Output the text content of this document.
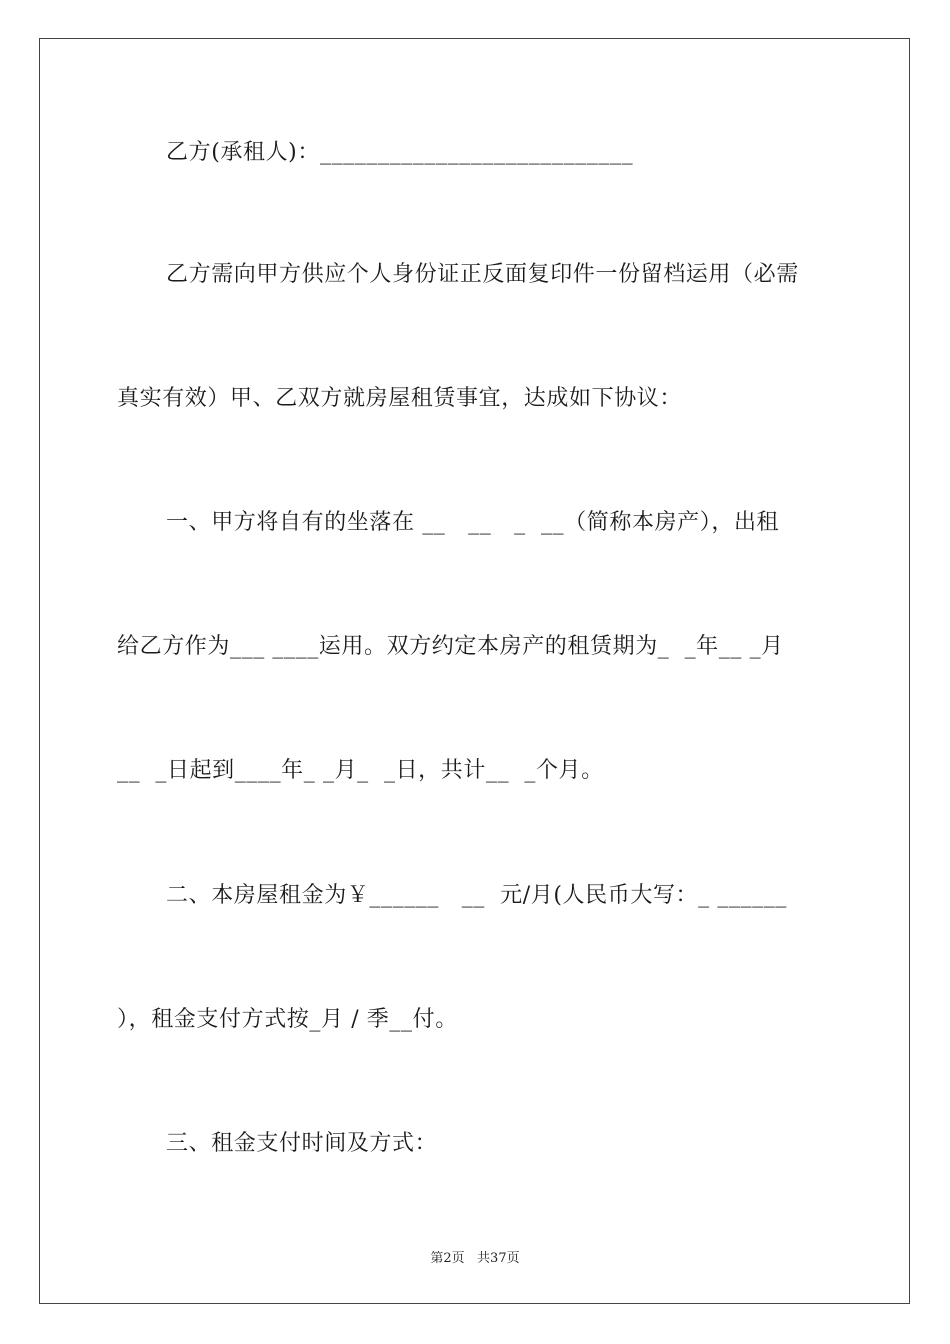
乙方(承租人)：___________________________
乙方需向甲方供应个人身份证正反面复印件一份留档运用（必需
真实有效）甲、乙双方就房屋租赁事宜，达成如下协议：
一、甲方将自有的坐落在 __   __   _  __（简称本房产），出租
给乙方作为___ ____运用。双方约定本房产的租赁期为_  _年__ _月
__  _日起到____年_ _月_  _日，共计__  _个月。
二、本房屋租金为￥______   __  元/月(人民币大写：_ ______
），租金支付方式按_月 / 季__付。
三、租金支付时间及方式：
第2页   共37页
